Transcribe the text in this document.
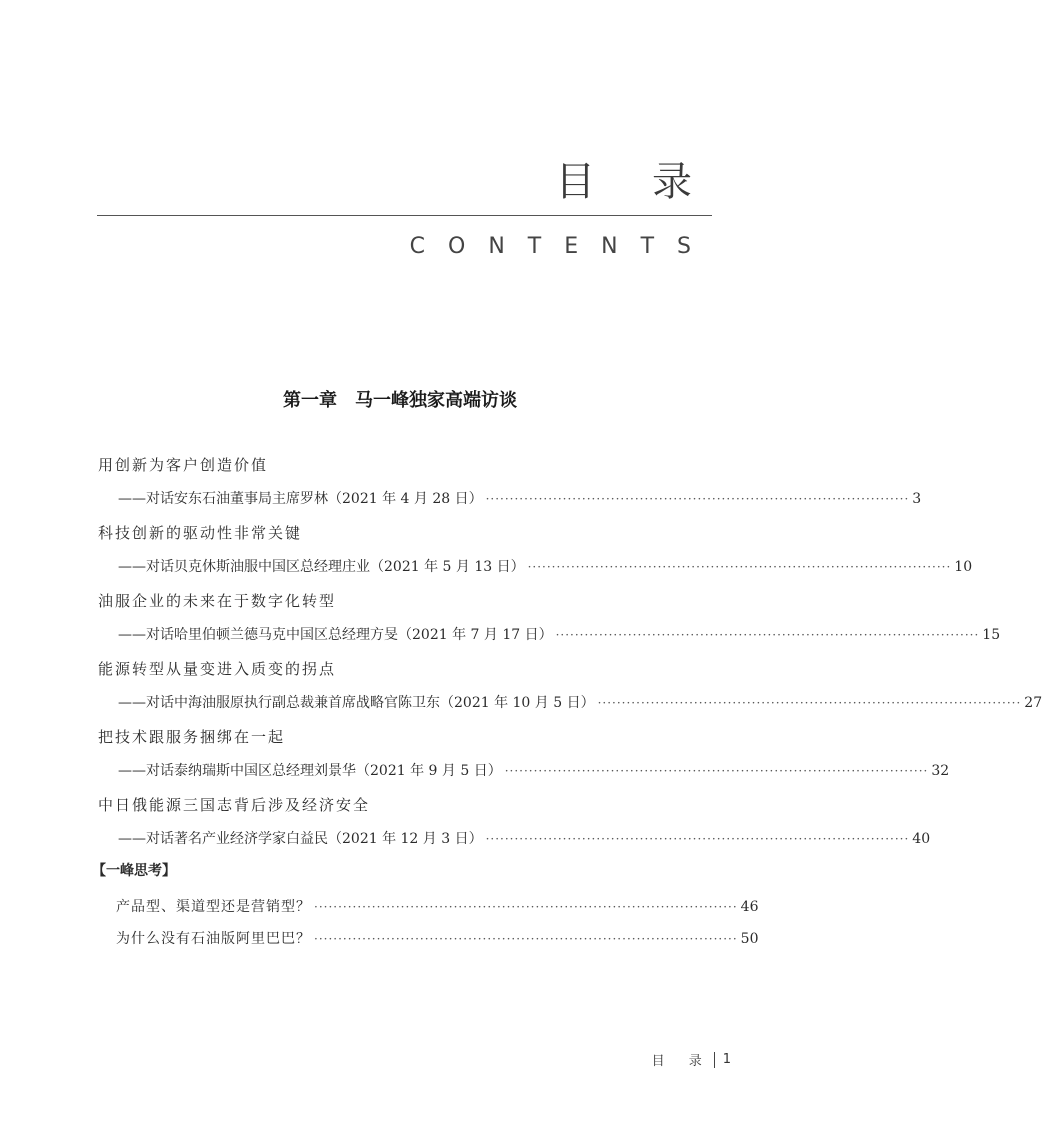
目 录
CONTENTS
第一章　马一峰独家高端访谈
用创新为客户创造价值
——对话安东石油董事局主席罗林（2021 年 4 月 28 日） ························································································ 3
科技创新的驱动性非常关键
——对话贝克休斯油服中国区总经理庄业（2021 年 5 月 13 日） ························································································ 10
油服企业的未来在于数字化转型
——对话哈里伯顿兰德马克中国区总经理方旻（2021 年 7 月 17 日） ························································································ 15
能源转型从量变进入质变的拐点
——对话中海油服原执行副总裁兼首席战略官陈卫东（2021 年 10 月 5 日） ························································································ 27
把技术跟服务捆绑在一起
——对话泰纳瑞斯中国区总经理刘景华（2021 年 9 月 5 日） ························································································ 32
中日俄能源三国志背后涉及经济安全
——对话著名产业经济学家白益民（2021 年 12 月 3 日） ························································································ 40
【一峰思考】
产品型、渠道型还是营销型？ ························································································ 46
为什么没有石油版阿里巴巴？ ························································································ 50
目 录 1
